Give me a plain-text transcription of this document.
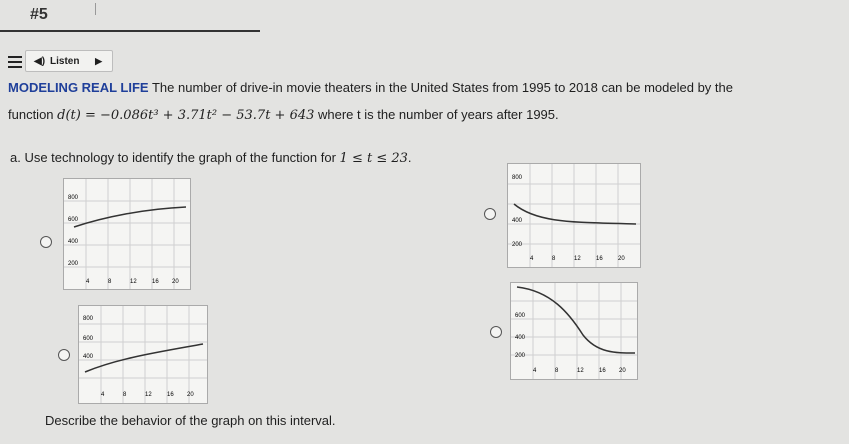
#5
◀) Listen ▶
MODELING REAL LIFE The number of drive-in movie theaters in the United States from 1995 to 2018 can be modeled by the
function d(t) = −0.086t³ + 3.71t² − 53.7t + 643 where t is the number of years after 1995.
a. Use technology to identify the graph of the function for 1 ≤ t ≤ 23.
800
600
400
200
4	8	12	16 20
800
400
200
4	8	12	16	20
800
600
400
4	8	12	16 20
600
400
200
4	8	12	16 20
Describe the behavior of the graph on this interval.
